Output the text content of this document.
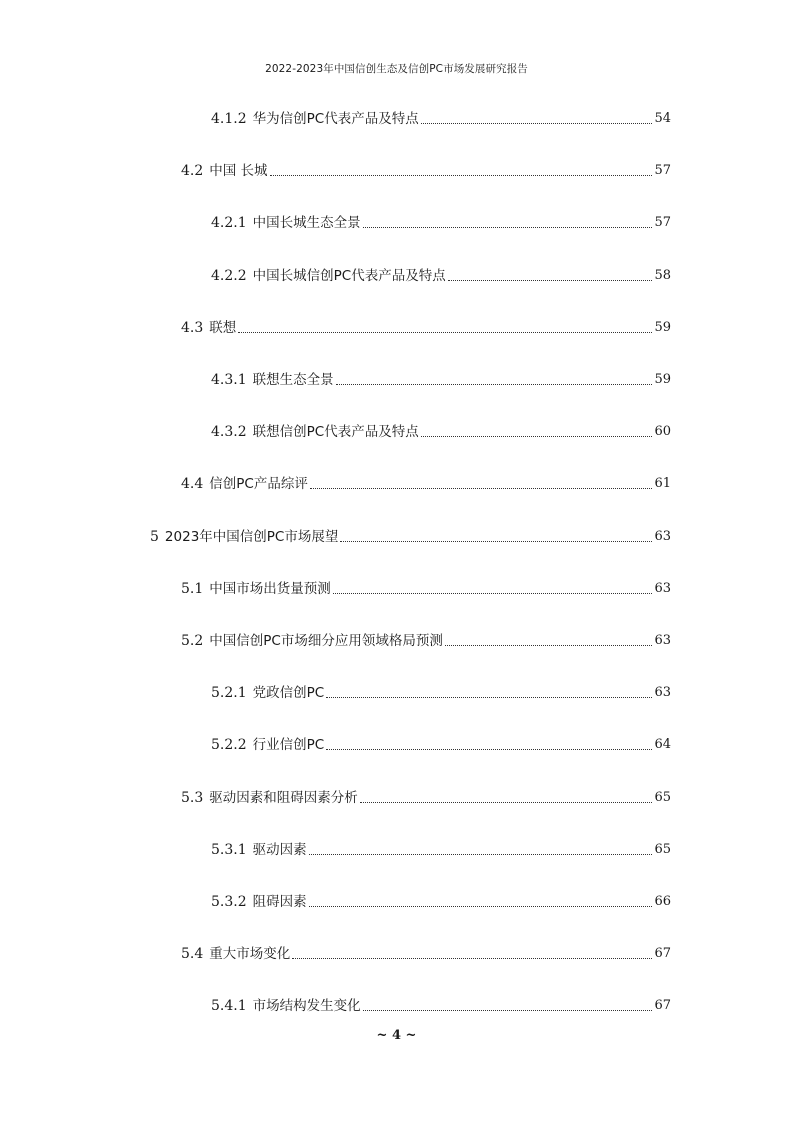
2022-2023年中国信创生态及信创PC市场发展研究报告
4.1.2 华为信创PC代表产品及特点	54
4.2 中国 长城	57
4.2.1 中国长城生态全景	57
4.2.2 中国长城信创PC代表产品及特点	58
4.3 联想	59
4.3.1 联想生态全景	59
4.3.2 联想信创PC代表产品及特点	60
4.4 信创PC产品综评	61
5 2023年中国信创PC市场展望	63
5.1 中国市场出货量预测	63
5.2 中国信创PC市场细分应用领域格局预测	63
5.2.1 党政信创PC	63
5.2.2 行业信创PC	64
5.3 驱动因素和阻碍因素分析	65
5.3.1 驱动因素	65
5.3.2 阻碍因素	66
5.4 重大市场变化	67
5.4.1 市场结构发生变化	67
~ 4 ~
